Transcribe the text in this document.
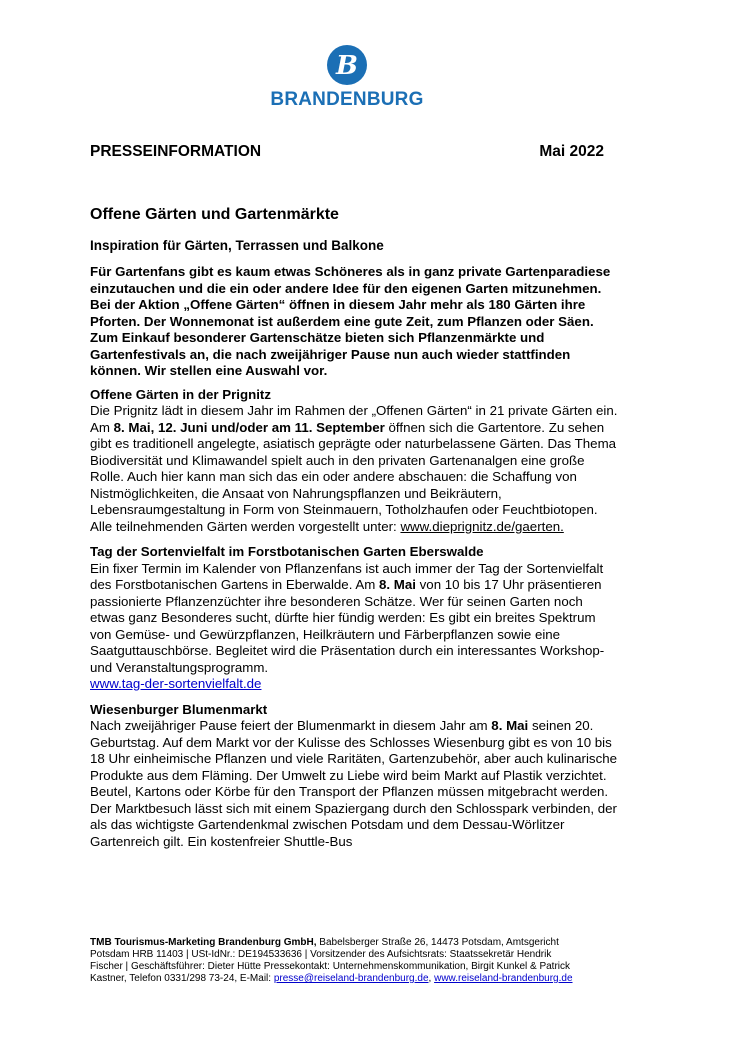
B
BRANDENBURG
PRESSEINFORMATION	Mai 2022
Offene Gärten und Gartenmärkte
Inspiration für Gärten, Terrassen und Balkone

Für Gartenfans gibt es kaum etwas Schöneres als in ganz private Gartenparadiese einzutauchen und die ein oder andere Idee für den eigenen Garten mitzunehmen. Bei der Aktion „Offene Gärten“ öffnen in diesem Jahr mehr als 180 Gärten ihre Pforten. Der Wonnemonat ist außerdem eine gute Zeit, zum Pflanzen oder Säen. Zum Einkauf besonderer Gartenschätze bieten sich Pflanzenmärkte und Gartenfestivals an, die nach zweijähriger Pause nun auch wieder stattfinden können. Wir stellen eine Auswahl vor.

Offene Gärten in der Prignitz

Die Prignitz lädt in diesem Jahr im Rahmen der „Offenen Gärten“ in 21 private Gärten ein. Am 8. Mai, 12. Juni und/oder am 11. September öffnen sich die Gartentore. Zu sehen gibt es traditionell angelegte, asiatisch geprägte oder naturbelassene Gärten. Das Thema Biodiversität und Klimawandel spielt auch in den privaten Gartenanalgen eine große Rolle. Auch hier kann man sich das ein oder andere abschauen: die Schaffung von Nistmöglichkeiten, die Ansaat von Nahrungspflanzen und Beikräutern, Lebensraumgestaltung in Form von Steinmauern, Totholzhaufen oder Feuchtbiotopen. Alle teilnehmenden Gärten werden vorgestellt unter: www.dieprignitz.de/gaerten.

Tag der Sortenvielfalt im Forstbotanischen Garten Eberswalde

Ein fixer Termin im Kalender von Pflanzenfans ist auch immer der Tag der Sortenvielfalt des Forstbotanischen Gartens in Eberwalde. Am 8. Mai von 10 bis 17 Uhr präsentieren passionierte Pflanzenzüchter ihre besonderen Schätze. Wer für seinen Garten noch etwas ganz Besonderes sucht, dürfte hier fündig werden: Es gibt ein breites Spektrum von Gemüse- und Gewürzpflanzen, Heilkräutern und Färberpflanzen sowie eine Saatguttauschbörse. Begleitet wird die Präsentation durch ein interessantes Workshop- und Veranstaltungsprogramm.
www.tag-der-sortenvielfalt.de

Wiesenburger Blumenmarkt

Nach zweijähriger Pause feiert der Blumenmarkt in diesem Jahr am 8. Mai seinen 20. Geburtstag. Auf dem Markt vor der Kulisse des Schlosses Wiesenburg gibt es von 10 bis 18 Uhr einheimische Pflanzen und viele Raritäten, Gartenzubehör, aber auch kulinarische Produkte aus dem Fläming. Der Umwelt zu Liebe wird beim Markt auf Plastik verzichtet. Beutel, Kartons oder Körbe für den Transport der Pflanzen müssen mitgebracht werden. Der Marktbesuch lässt sich mit einem Spaziergang durch den Schlosspark verbinden, der als das wichtigste Gartendenkmal zwischen Potsdam und dem Dessau-Wörlitzer Gartenreich gilt. Ein kostenfreier Shuttle-Bus

TMB Tourismus-Marketing Brandenburg GmbH, Babelsberger Straße 26, 14473 Potsdam, Amtsgericht Potsdam HRB 11403 | USt-IdNr.: DE194533636 | Vorsitzender des Aufsichtsrats: Staatssekretär Hendrik Fischer | Geschäftsführer: Dieter Hütte Pressekontakt: Unternehmenskommunikation, Birgit Kunkel & Patrick Kastner, Telefon 0331/298 73-24, E-Mail: presse@reiseland-brandenburg.de, www.reiseland-brandenburg.de
